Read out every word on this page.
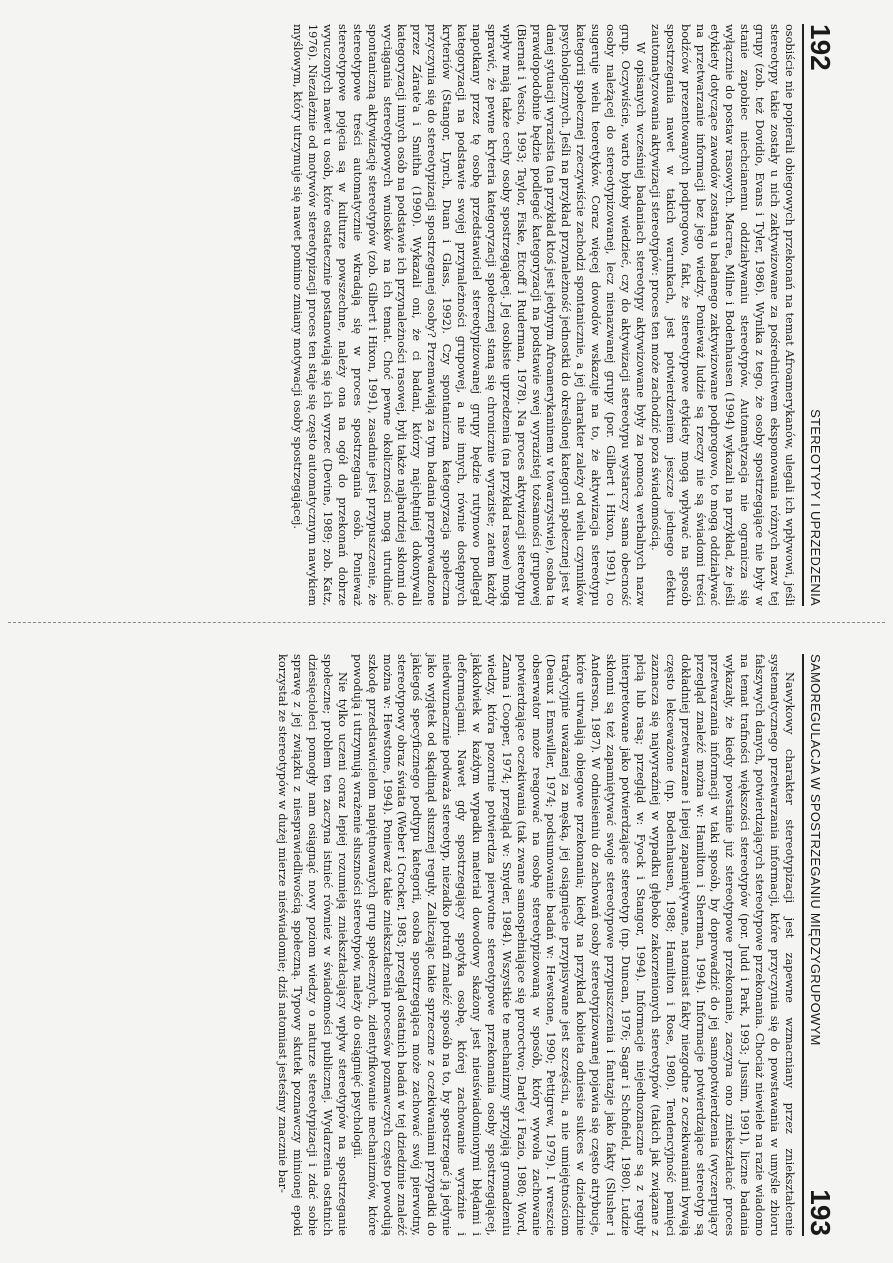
192
STEREOTYPY I UPRZEDZENIA

osobiście nie popierali obiegowych przekonań na temat Afroamerykanów, ulegali ich wpływowi, jeśli stereotypy takie zostały u nich zaktywizowane za pośrednictwem eksponowania różnych nazw tej grupy (zob. też Dovidio, Evans i Tyler, 1986). Wynika z tego, że osoby spostrzegające nie były w stanie zapobiec niechcianemu oddziaływaniu stereotypów. Automatyzacja nie ogranicza się wyłącznie do postaw rasowych. Macrae, Milne i Bodenhausen (1994) wykazali na przykład, że jeśli etykiety dotyczące zawodów zostaną u badanego zaktywizowane podprogowo, to mogą oddziaływać na przetwarzanie informacji bez jego wiedzy. Ponieważ ludzie są rzeczy nie są świadomi treści bodźców prezentowanych podprogowo, fakt, że stereotypowe etykiety mogą wpływać na sposób spostrzegania nawet w takich warunkach, jest potwierdzeniem jeszcze jednego efektu zautomatyzowania aktywizacji stereotypów: proces ten może zachodzić poza świadomością.

W opisanych wcześniej badaniach stereotypy aktywizowane były za pomocą werbalnych nazw grup. Oczywiście, warto byłoby wiedzieć, czy do aktywizacji stereotypu wystarczy sama obecność osoby należącej do stereotypizowanej, lecz nienazwanej grupy (por. Gilbert i Hixon, 1991), co sugeruje wielu teoretyków. Coraz więcej dowodów wskazuje na to, że aktywizacja stereotypu kategorii społecznej rzeczywiście zachodzi spontanicznie, a jej charakter zależy od wielu czynników psychologicznych. Jeśli na przykład przynależność jednostki do określonej kategorii społecznej jest w danej sytuacji wyrazista (na przykład ktoś jest jedynym Afroamerykaninem w towarzystwie), osoba ta prawdopodobnie będzie podlegać kategoryzacji na podstawie swej wyrazistej tożsamości grupowej (Biernat i Vescio, 1993; Taylor, Fiske, Etcoff i Ruderman, 1978). Na proces aktywizacji stereotypu wpływ mają także cechy osoby spostrzegającej. Jej osobiste uprzedzenia (na przykład rasowe) mogą sprawić, że pewne kryteria kategoryzacji społecznej staną się chronicznie wyraziste; zatem każdy napotkany przez tę osobę przedstawiciel stereotypizowanej grupy będzie rutynowo podlegał kategoryzacji na podstawie swojej przynależności grupowej, a nie innych, równie dostępnych kryteriów (Stangor, Lynch, Duan i Glass, 1992). Czy spontaniczna kategoryzacja społeczna przyczynia się do stereotypizacji spostrzeganej osoby? Przemawiają za tym badania przeprowadzone przez Zárate'a i Smitha (1990). Wykazali oni, że ci badani, którzy najchętniej dokonywali kategoryzacji innych osób na podstawie ich przynależności rasowej, byli także najbardziej skłonni do wyciągania stereotypowych wniosków na ich temat. Choć pewne okoliczności mogą utrudniać spontaniczną aktywizację stereotypów (zob. Gilbert i Hixon, 1991), zasadnie jest przypuszczenie, że stereotypowe treści automatycznie wkradają się w proces spostrzegania osób. Ponieważ stereotypowe pojęcia są w kulturze powszechne, należy ona na ogół do przekonań dobrze wyuczonych nawet u osób, które ostatecznie postanowiają się ich wyrzec (Devine, 1989; zob. Katz, 1976). Niezależnie od motywów stereotypizacji proces ten staje się często automatycznym nawykiem myślowym, który utrzymuje się nawet pomimo zmiany motywacji osoby spostrzegającej.

SAMOREGULACJA W SPOSTRZEGANIU MIĘDZYGRUPOWYM
193

Nawykowy charakter stereotypizacji jest zapewne wzmacniany przez zniekształcenie systematycznego przetwarzania informacji, które przyczynia się do powstawania w umyśle zbioru fałszywych danych, potwierdzających stereotypowe przekonania. Chociaż niewiele na razie wiadomo na temat trafności większości stereotypów (por. Judd i Park, 1993; Jussim, 1991), liczne badania wykazały, że kiedy powstanie już stereotypowe przekonanie, zaczyna ono zniekształcać proces przetwarzania informacji w taki sposób, by doprowadzić do jej samopotwierdzenia (wyczerpujący przegląd znaleźć można w: Hamilton i Sherman, 1994). Informacje potwierdzające stereotyp są dokładniej przetwarzane i lepiej zapamiętywane, natomiast fakty niezgodne z oczekiwaniami bywają często lekceważone (np. Bodenhausen, 1988; Hamilton i Rose, 1980). Tendencyjność pamięci zaznacza się najwyraźniej w wypadku głęboko zakorzenionych stereotypów (takich jak związane z płcią lub rasą; przegląd w: Fyock i Stangor, 1994). Informacje niejednoznaczne są z reguły interpretowane jako potwierdzające stereotyp (np. Duncan, 1976; Sagar i Schofield, 1980). Ludzie skłonni są też zapamiętywać swoje stereotypowe przypuszczenia i fantazje jako fakty (Slusher i Anderson, 1987). W odniesieniu do zachowań osoby stereotypizowanej pojawia się często atrybucje, które utrwalają obiegowe przekonania; kiedy na przykład kobieta odniesie sukces w dziedzinie tradycyjnie uważanej za męską, jej osiągnięcie przypisywane jest szczęściu, a nie umiejętnościom (Deaux i Emswiller, 1974; podsumowanie badań w: Hewstone, 1990; Pettigrew, 1979). I wreszcie obserwator może reagować na osobę stereotypizowaną w sposób, który wywoła zachowanie potwierdzające oczekiwania (tak zwane samospełniające się proroctwo; Darley i Fazio, 1980; Word, Zanna i Cooper, 1974; przegląd w: Snyder, 1984). Wszystkie te mechanizmy sprzyjają gromadzeniu wiedzy, która pozornie potwierdza pierwotne stereotypowe przekonania osoby spostrzegającej, jakkolwiek w każdym wypadku materiał dowodowy skażony jest nieuświadomionymi błędami i deformacjami. Nawet gdy spostrzegający spotyka osobę, której zachowanie wyraźnie i niedwuznacznie podważa stereotyp, niezadko potrafi znaleźć sposób na to, by spostrzegać ją jedynie jako wyjątek od skądinąd słusznej reguły. Zaliczając takie sprzeczne z oczekiwaniami przypadki do jakiegoś specyficznego podtypu kategorii, osoba spostrzegająca może zachować swój pierwotny, stereotypowy obraz świata (Weber i Crocker, 1983; przegląd ostatnich badań w tej dziedzinie znaleźć można w: Hewstone, 1994). Ponieważ takie zniekształcenia procesów poznawczych często powodują szkodę przedstawicielom napiętnowanych grup społecznych, zidentyfikowanie mechanizmów, które powodują i utrzymują wrażenie słuszności stereotypów, należy do osiągnięć psychologii.

Nie tylko uczeni coraz lepiej rozumieją zniekształcający wpływ stereotypów na spostrzeganie społeczne; problem ten zaczyna istnieć również w świadomości publicznej. Wydarzenia ostatnich dziesięcioleci pomogły nam osiągnąć nowy poziom wiedzy o naturze stereotypizacji i zdać sobie sprawę z jej związku z niesprawiedliwością społeczną. Typowy skutek poznawczy minionej epoki korzystał ze stereotypów w dużej mierze nieświadomie; dziś natomiast jesteśmy znacznie bar-
